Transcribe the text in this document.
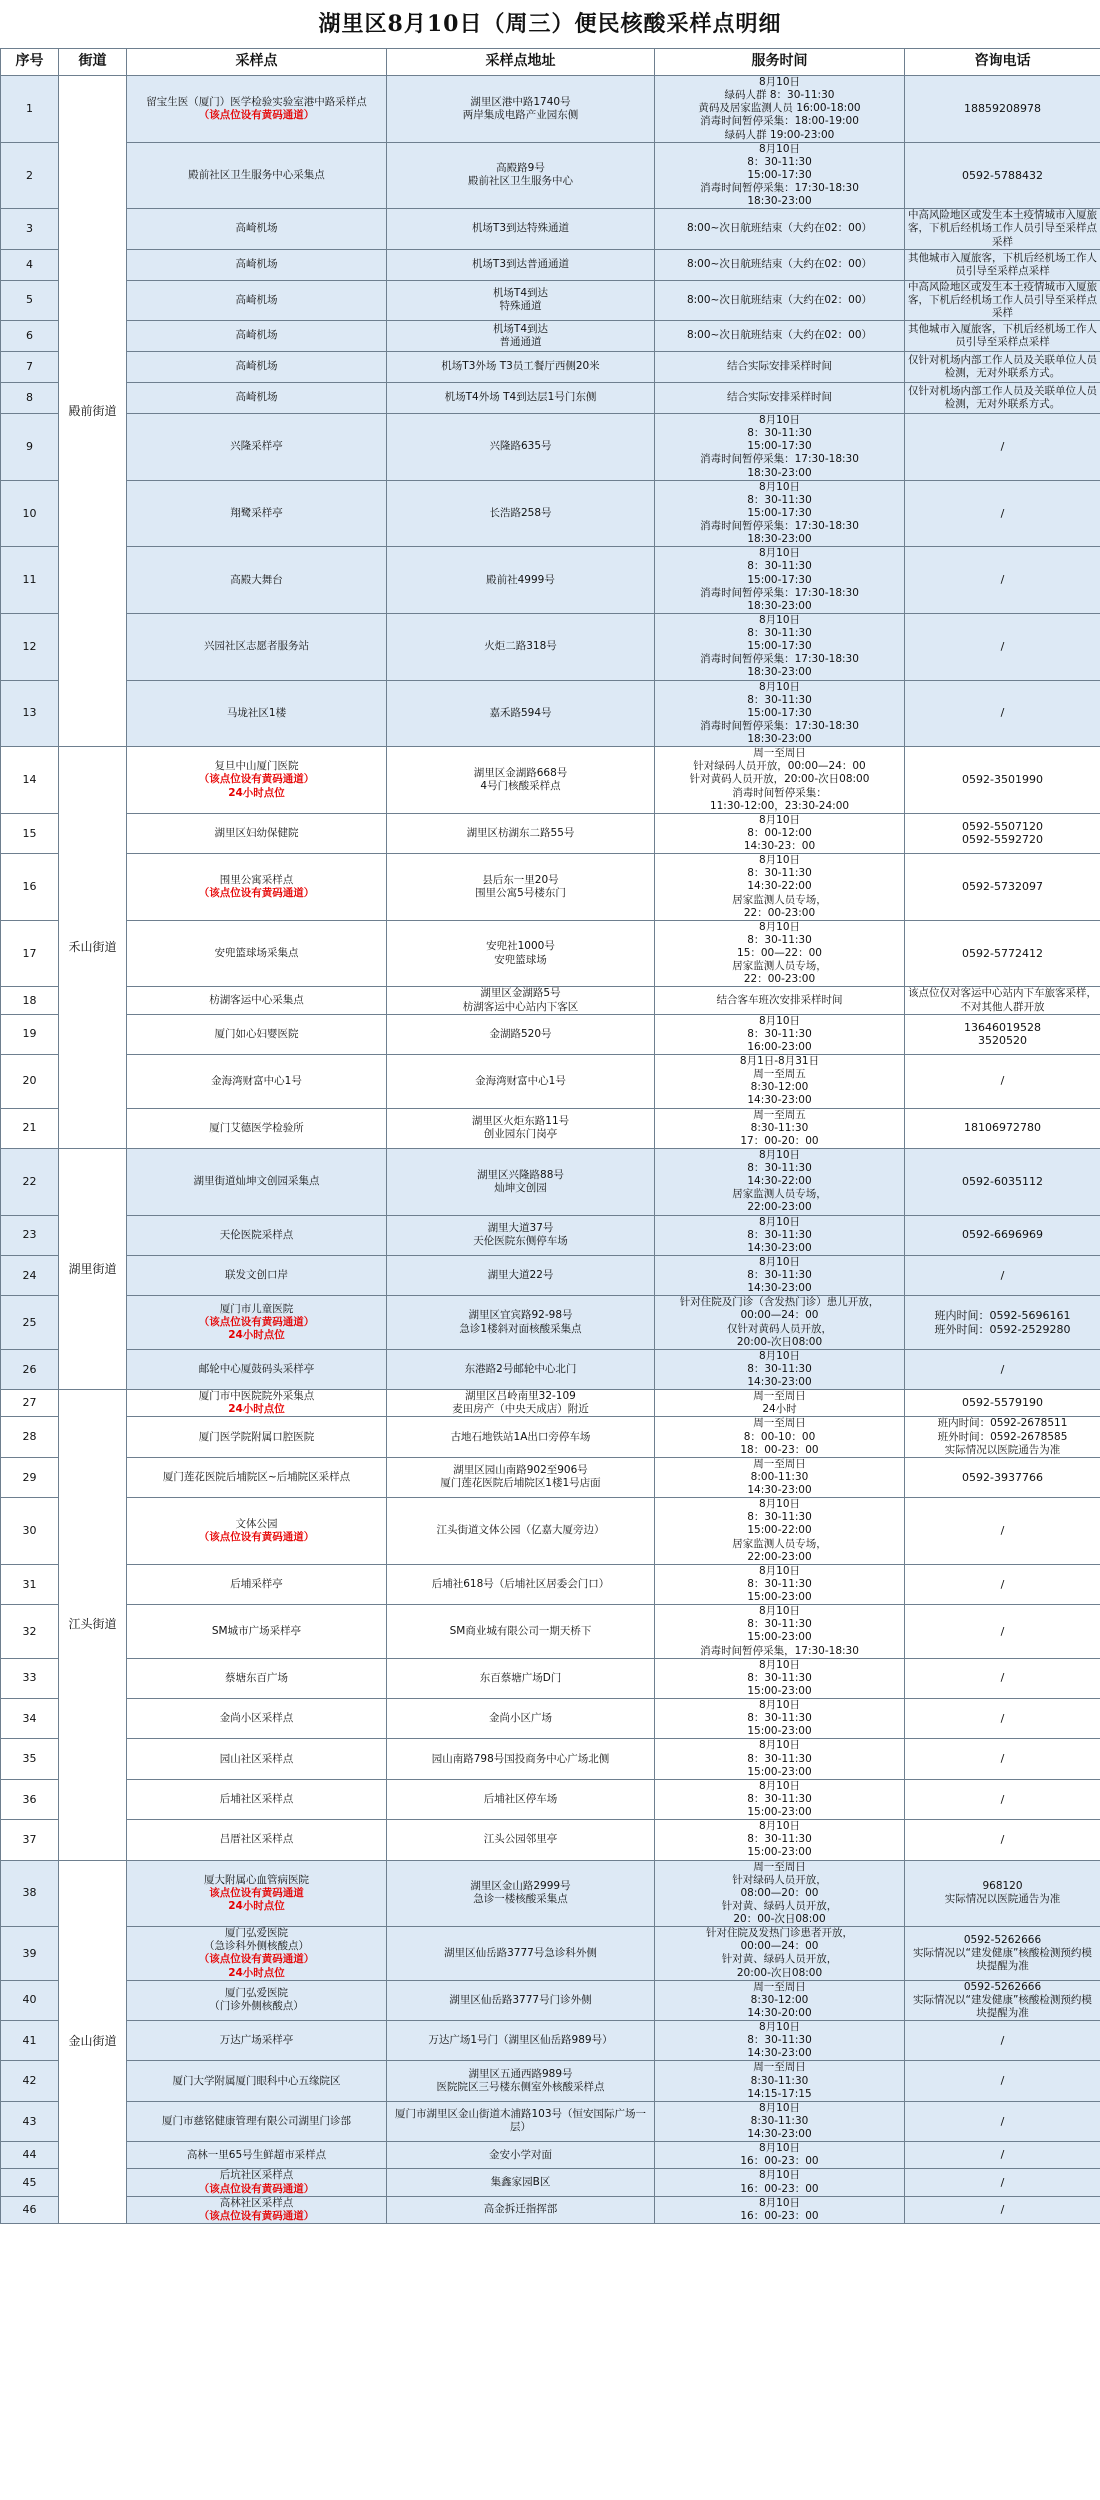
湖里区8月10日（周三）便民核酸采样点明细
序号	街道	采样点	采样点地址	服务时间	咨询电话
1	殿前街道	留宝生医（厦门）医学检验实验室港中路采样点
（该点位设有黄码通道）	湖里区港中路1740号
两岸集成电路产业园东侧	8月10日
绿码人群 8：30-11:30
黄码及居家监测人员 16:00-18:00
消毒时间暂停采集：18:00-19:00
绿码人群 19:00-23:00	18859208978

2		殿前社区卫生服务中心采集点	高殿路9号
殿前社区卫生服务中心	8月10日
8：30-11:30
15:00-17:30
消毒时间暂停采集：17:30-18:30
18:30-23:00	0592-5788432

3		高崎机场	机场T3到达特殊通道	8:00~次日航班结束（大约在02：00）	中高风险地区或发生本土疫情城市入厦旅客，下机后经机场工作人员引导至采样点采样

4		高崎机场	机场T3到达普通通道	8:00~次日航班结束（大约在02：00）	其他城市入厦旅客，下机后经机场工作人员引导至采样点采样

5		高崎机场	机场T4到达
特殊通道	8:00~次日航班结束（大约在02：00）	中高风险地区或发生本土疫情城市入厦旅客，下机后经机场工作人员引导至采样点采样

6		高崎机场	机场T4到达
普通通道	8:00~次日航班结束（大约在02：00）	其他城市入厦旅客，下机后经机场工作人员引导至采样点采样

7		高崎机场	机场T3外场 T3员工餐厅西侧20米	结合实际安排采样时间	仅针对机场内部工作人员及关联单位人员检测，无对外联系方式。

8		高崎机场	机场T4外场 T4到达层1号门东侧	结合实际安排采样时间	仅针对机场内部工作人员及关联单位人员检测，无对外联系方式。

9		兴隆采样亭	兴隆路635号	8月10日
8：30-11:30
15:00-17:30
消毒时间暂停采集：17:30-18:30
18:30-23:00	/

10		翔鹭采样亭	长浩路258号	8月10日
8：30-11:30
15:00-17:30
消毒时间暂停采集：17:30-18:30
18:30-23:00	/

11		高殿大舞台	殿前社4999号	8月10日
8：30-11:30
15:00-17:30
消毒时间暂停采集：17:30-18:30
18:30-23:00	/

12		兴园社区志愿者服务站	火炬二路318号	8月10日
8：30-11:30
15:00-17:30
消毒时间暂停采集：17:30-18:30
18:30-23:00	/

13		马垅社区1楼	嘉禾路594号	8月10日
8：30-11:30
15:00-17:30
消毒时间暂停采集：17:30-18:30
18:30-23:00	/

14	禾山街道	复旦中山厦门医院
（该点位设有黄码通道）
24小时点位	湖里区金湖路668号
4号门核酸采样点	周一至周日
针对绿码人员开放，00:00—24：00
针对黄码人员开放，20:00-次日08:00
消毒时间暂停采集：
11:30-12:00，23:30-24:00	0592-3501990

15		湖里区妇幼保健院	湖里区枋湖东二路55号	8月10日
8：00-12:00
14:30-23：00	0592-5507120
0592-5592720

16		围里公寓采样点
（该点位设有黄码通道）	县后东一里20号
围里公寓5号楼东门	8月10日
8：30-11:30
14:30-22:00
居家监测人员专场，
22：00-23:00	0592-5732097

17		安兜篮球场采集点	安兜社1000号
安兜篮球场	8月10日
8：30-11:30
15：00—22：00
居家监测人员专场，
22：00-23:00	0592-5772412

18		枋湖客运中心采集点	湖里区金湖路5号
枋湖客运中心站内下客区	结合客车班次安排采样时间	该点位仅对客运中心站内下车旅客采样，不对其他人群开放

19		厦门如心妇婴医院	金湖路520号	8月10日
8：30-11:30
16:00-23:00	13646019528
3520520

20		金海湾财富中心1号	金海湾财富中心1号	8月1日-8月31日
周一至周五
8:30-12:00
14:30-23:00	/

21		厦门艾德医学检验所	湖里区火炬东路11号
创业园东门岗亭	周一至周五
8:30-11:30
17：00-20：00	18106972780

22	湖里街道	湖里街道灿坤文创园采集点	湖里区兴隆路88号
灿坤文创园	8月10日
8：30-11:30
14:30-22:00
居家监测人员专场，
22:00-23:00	0592-6035112

23		天伦医院采样点	湖里大道37号
天伦医院东侧停车场	8月10日
8：30-11:30
14:30-23:00	0592-6696969

24		联发文创口岸	湖里大道22号	8月10日
8：30-11:30
14:30-23:00	/

25		厦门市儿童医院
（该点位设有黄码通道）
24小时点位	湖里区宜宾路92-98号
急诊1楼斜对面核酸采集点	针对住院及门诊（含发热门诊）患儿开放，
00:00—24：00
仅针对黄码人员开放，
20:00-次日08:00	班内时间：0592-5696161
班外时间：0592-2529280

26		邮轮中心厦鼓码头采样亭	东港路2号邮轮中心北门	8月10日
8：30-11:30
14:30-23:00	/

27	江头街道	厦门市中医院院外采集点
24小时点位	湖里区吕岭南里32-109
麦田房产（中央天成店）附近	周一至周日
24小时	0592-5579190

28		厦门医学院附属口腔医院	古地石地铁站1A出口旁停车场	周一至周日
8：00-10：00
18：00-23：00	班内时间：0592-2678511
班外时间：0592-2678585
实际情况以医院通告为准

29		厦门莲花医院后埔院区~后埔院区采样点	湖里区园山南路902至906号
厦门莲花医院后埔院区1楼1号店面	周一至周日
8:00-11:30
14:30-23:00	0592-3937766

30		文体公园
（该点位设有黄码通道）	江头街道文体公园（亿嘉大厦旁边）	8月10日
8：30-11:30
15:00-22:00
居家监测人员专场，
22:00-23:00	/

31		后埔采样亭	后埔社618号（后埔社区居委会门口）	8月10日
8：30-11:30
15:00-23:00	/

32		SM城市广场采样亭	SM商业城有限公司一期天桥下	8月10日
8：30-11:30
15:00-23:00
消毒时间暂停采集，17:30-18:30	/

33		蔡塘东百广场	东百蔡塘广场D门	8月10日
8：30-11:30
15:00-23:00	/

34		金尚小区采样点	金尚小区广场	8月10日
8：30-11:30
15:00-23:00	/

35		园山社区采样点	园山南路798号国投商务中心广场北侧	8月10日
8：30-11:30
15:00-23:00	/

36		后埔社区采样点	后埔社区停车场	8月10日
8：30-11:30
15:00-23:00	/

37		吕厝社区采样点	江头公园邻里亭	8月10日
8：30-11:30
15:00-23:00	/

38	金山街道	厦大附属心血管病医院
该点位设有黄码通道
24小时点位	湖里区金山路2999号
急诊一楼核酸采集点	周一至周日
针对绿码人员开放，
08:00—20：00
针对黄、绿码人员开放，
20：00-次日08:00	968120
实际情况以医院通告为准

39		厦门弘爱医院
（急诊科外侧核酸点）
（该点位设有黄码通道）
24小时点位	湖里区仙岳路3777号急诊科外侧	针对住院及发热门诊患者开放，
00:00—24：00
针对黄、绿码人员开放，
20:00-次日08:00	0592-5262666
实际情况以“建发健康”核酸检测预约模块提醒为准

40		厦门弘爱医院
（门诊外侧核酸点）	湖里区仙岳路3777号门诊外侧	周一至周日
8:30-12:00
14:30-20:00	0592-5262666
实际情况以“建发健康”核酸检测预约模块提醒为准

41		万达广场采样亭	万达广场1号门（湖里区仙岳路989号）	8月10日
8：30-11:30
14:30-23:00	/

42		厦门大学附属厦门眼科中心五缘院区	湖里区五通西路989号
医院院区三号楼东侧室外核酸采样点	周一至周日
8:30-11:30
14:15-17:15	/

43		厦门市慈铭健康管理有限公司湖里门诊部	厦门市湖里区金山街道木浦路103号（恒安国际广场一层）	8月10日
8:30-11:30
14:30-23:00	/

44		高林一里65号生鲜超市采样点	金安小学对面	8月10日
16：00-23：00	/

45		后坑社区采样点
（该点位设有黄码通道）	集鑫家园B区	8月10日
16：00-23：00	/

46		高林社区采样点
（该点位设有黄码通道）	高金拆迁指挥部	8月10日
16：00-23：00	/
